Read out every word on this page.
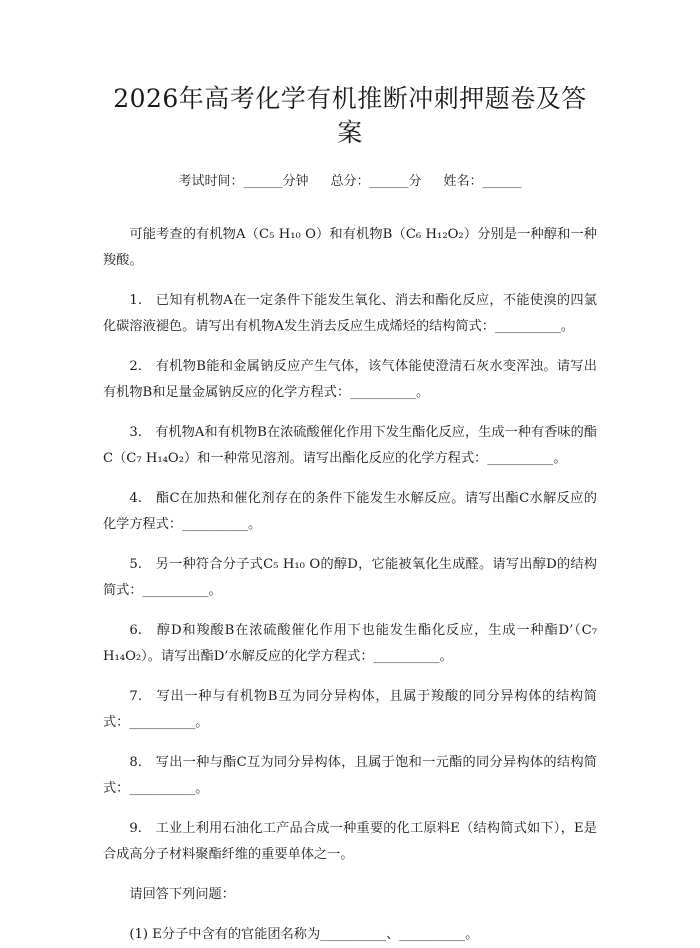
2026年高考化学有机推断冲刺押题卷及答案
考试时间：______分钟 总分：______分 姓名：______

可能考查的有机物A（C₅ H₁₀ O）和有机物B（C₆ H₁₂O₂）分别是一种醇和一种羧酸。

1.　已知有机物A在一定条件下能发生氧化、消去和酯化反应，不能使溴的四氯化碳溶液褪色。请写出有机物A发生消去反应生成烯烃的结构简式：__________。

2.　有机物B能和金属钠反应产生气体，该气体能使澄清石灰水变浑浊。请写出有机物B和足量金属钠反应的化学方程式：__________。

3.　有机物A和有机物B在浓硫酸催化作用下发生酯化反应，生成一种有香味的酯C（C₇ H₁₄O₂）和一种常见溶剂。请写出酯化反应的化学方程式：__________。

4.　酯C在加热和催化剂存在的条件下能发生水解反应。请写出酯C水解反应的化学方程式：__________。

5.　另一种符合分子式C₅ H₁₀ O的醇D，它能被氧化生成醛。请写出醇D的结构简式：__________。

6.　醇D和羧酸B在浓硫酸催化作用下也能发生酯化反应，生成一种酯D’（C₇ H₁₄O₂）。请写出酯D’水解反应的化学方程式：__________。

7.　写出一种与有机物B互为同分异构体，且属于羧酸的同分异构体的结构简式：__________。

8.　写出一种与酯C互为同分异构体，且属于饱和一元酯的同分异构体的结构简式：__________。

9.　工业上利用石油化工产品合成一种重要的化工原料E（结构简式如下），E是合成高分子材料聚酯纤维的重要单体之一。

请回答下列问题：

(1) E分子中含有的官能团名称为__________、__________。
